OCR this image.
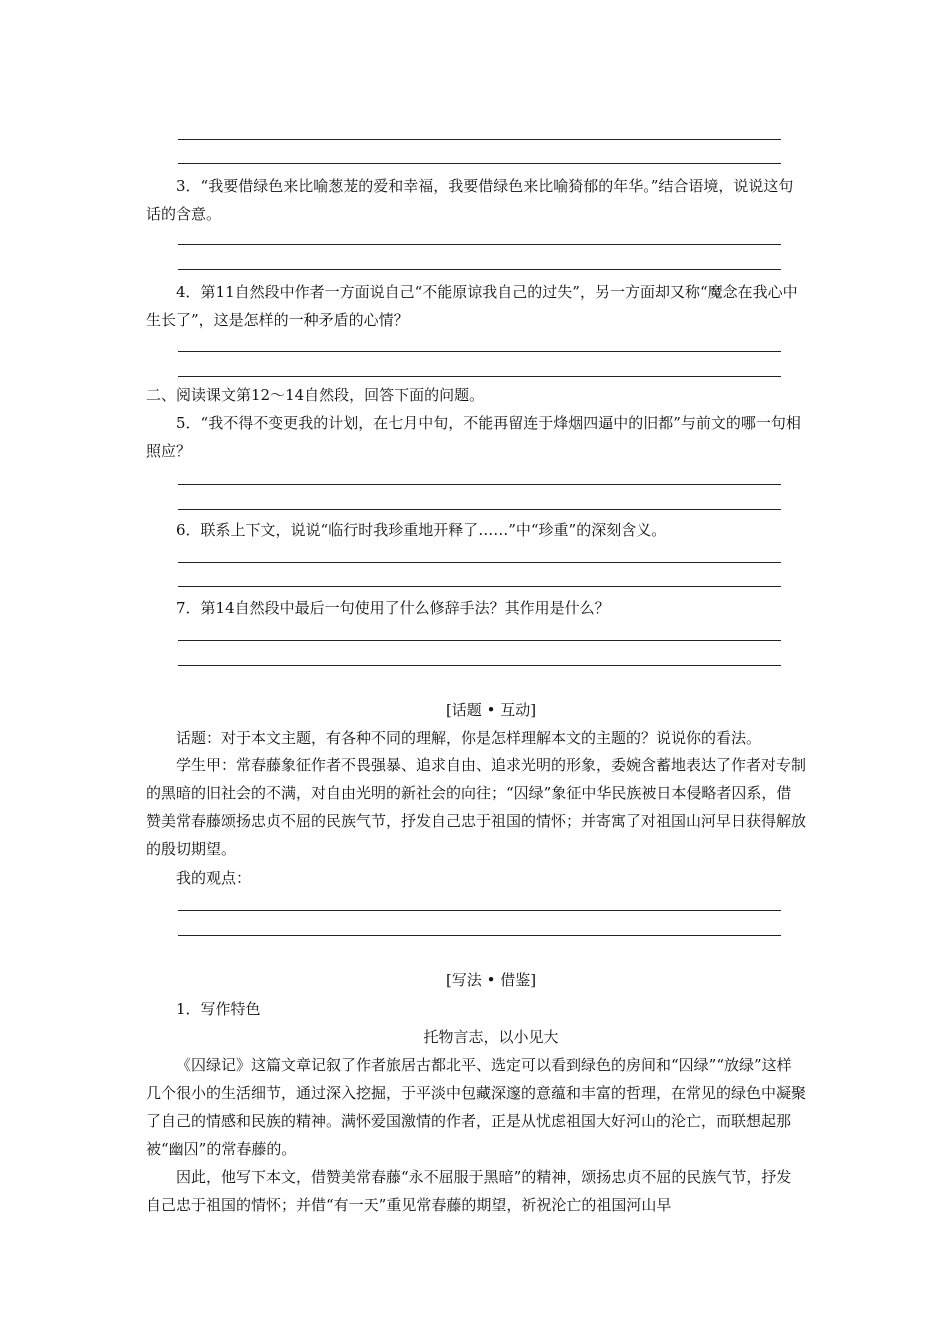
3．“我要借绿色来比喻葱茏的爱和幸福，我要借绿色来比喻猗郁的年华。”结合语境，说说这句话的含意。

4．第11自然段中作者一方面说自己“不能原谅我自己的过失”，另一方面却又称“魔念在我心中生长了”，这是怎样的一种矛盾的心情？

二、阅读课文第12～14自然段，回答下面的问题。

5．“我不得不变更我的计划，在七月中旬，不能再留连于烽烟四逼中的旧都”与前文的哪一句相照应？

6．联系上下文，说说“临行时我珍重地开释了……”中“珍重”的深刻含义。

7．第14自然段中最后一句使用了什么修辞手法？其作用是什么？

[话题 • 互动]

话题：对于本文主题，有各种不同的理解，你是怎样理解本文的主题的？说说你的看法。

学生甲：常春藤象征作者不畏强暴、追求自由、追求光明的形象，委婉含蓄地表达了作者对专制的黑暗的旧社会的不满，对自由光明的新社会的向往；“囚绿”象征中华民族被日本侵略者囚系，借赞美常春藤颂扬忠贞不屈的民族气节，抒发自己忠于祖国的情怀；并寄寓了对祖国山河早日获得解放的殷切期望。

我的观点：

[写法 • 借鉴]

1．写作特色

托物言志，以小见大

《囚绿记》这篇文章记叙了作者旅居古都北平、选定可以看到绿色的房间和“囚绿”“放绿”这样几个很小的生活细节，通过深入挖掘，于平淡中包藏深邃的意蕴和丰富的哲理，在常见的绿色中凝聚了自己的情感和民族的精神。满怀爱国激情的作者，正是从忧虑祖国大好河山的沦亡，而联想起那被“幽囚”的常春藤的。

因此，他写下本文，借赞美常春藤“永不屈服于黑暗”的精神，颂扬忠贞不屈的民族气节，抒发自己忠于祖国的情怀；并借“有一天”重见常春藤的期望，祈祝沦亡的祖国河山早
